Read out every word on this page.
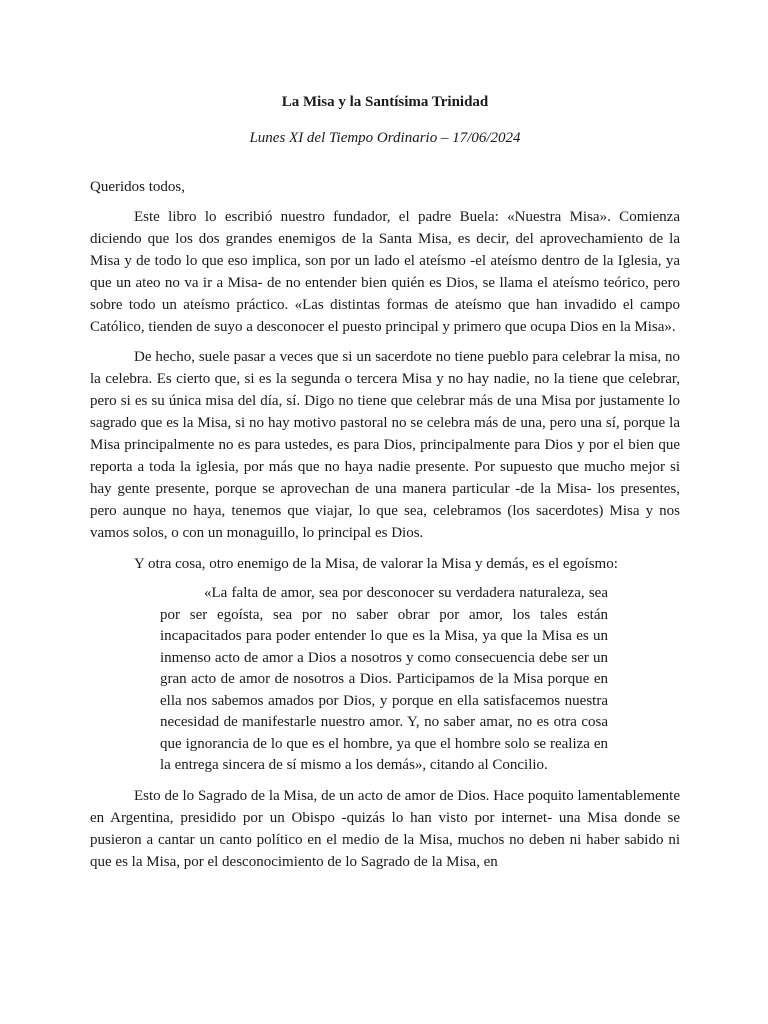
La Misa y la Santísima Trinidad

Lunes XI del Tiempo Ordinario – 17/06/2024

Queridos todos,

Este libro lo escribió nuestro fundador, el padre Buela: «Nuestra Misa». Comienza diciendo que los dos grandes enemigos de la Santa Misa, es decir, del aprovechamiento de la Misa y de todo lo que eso implica, son por un lado el ateísmo -el ateísmo dentro de la Iglesia, ya que un ateo no va ir a Misa- de no entender bien quién es Dios, se llama el ateísmo teórico, pero sobre todo un ateísmo práctico. «Las distintas formas de ateísmo que han invadido el campo Católico, tienden de suyo a desconocer el puesto principal y primero que ocupa Dios en la Misa».

De hecho, suele pasar a veces que si un sacerdote no tiene pueblo para celebrar la misa, no la celebra. Es cierto que, si es la segunda o tercera Misa y no hay nadie, no la tiene que celebrar, pero si es su única misa del día, sí. Digo no tiene que celebrar más de una Misa por justamente lo sagrado que es la Misa, si no hay motivo pastoral no se celebra más de una, pero una sí, porque la Misa principalmente no es para ustedes, es para Dios, principalmente para Dios y por el bien que reporta a toda la iglesia, por más que no haya nadie presente. Por supuesto que mucho mejor si hay gente presente, porque se aprovechan de una manera particular -de la Misa- los presentes, pero aunque no haya, tenemos que viajar, lo que sea, celebramos (los sacerdotes) Misa y nos vamos solos, o con un monaguillo, lo principal es Dios.

Y otra cosa, otro enemigo de la Misa, de valorar la Misa y demás, es el egoísmo:

«La falta de amor, sea por desconocer su verdadera naturaleza, sea por ser egoísta, sea por no saber obrar por amor, los tales están incapacitados para poder entender lo que es la Misa, ya que la Misa es un inmenso acto de amor a Dios a nosotros y como consecuencia debe ser un gran acto de amor de nosotros a Dios. Participamos de la Misa porque en ella nos sabemos amados por Dios, y porque en ella satisfacemos nuestra necesidad de manifestarle nuestro amor. Y, no saber amar, no es otra cosa que ignorancia de lo que es el hombre, ya que el hombre solo se realiza en la entrega sincera de sí mismo a los demás», citando al Concilio.

Esto de lo Sagrado de la Misa, de un acto de amor de Dios. Hace poquito lamentablemente en Argentina, presidido por un Obispo -quizás lo han visto por internet- una Misa donde se pusieron a cantar un canto político en el medio de la Misa, muchos no deben ni haber sabido ni que es la Misa, por el desconocimiento de lo Sagrado de la Misa, en
